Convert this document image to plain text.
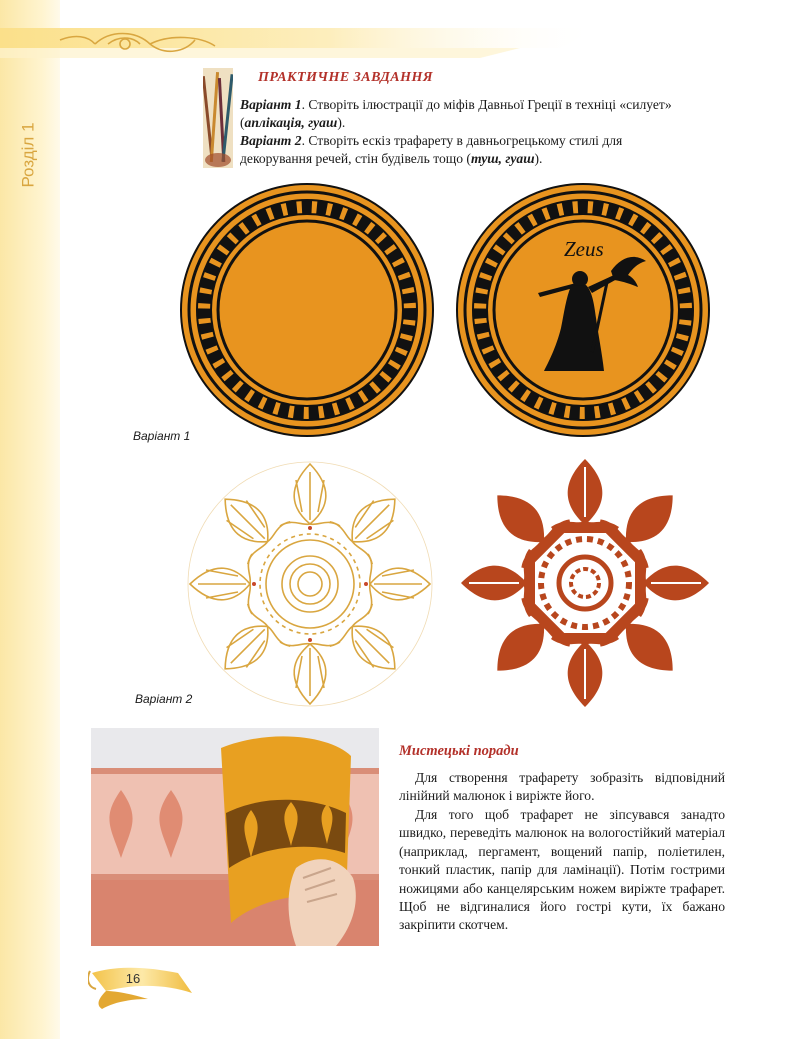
Розділ 1
ПРАКТИЧНЕ ЗАВДАННЯ
Варіант 1. Створіть ілюстрації до міфів Давньої Греції в техніці «силует»
(аплікація, гуаш).
Варіант 2. Створіть ескіз трафарету в давньогрецькому стилі для
декорування речей, стін будівель тощо (туш, гуаш).
Zeus
Варіант 1
Варіант 2
Мистецькі поради

Для створення трафарету зобразіть відповідний лінійний малюнок і виріжте його.

Для того щоб трафарет не зіпсувався занадто швидко, переведіть малюнок на вологостійкий матеріал (наприклад, пергамент, вощений папір, поліетилен, тонкий пластик, папір для ламінації). Потім гострими ножицями або канцелярським ножем виріжте трафарет. Щоб не відгиналися його гострі кути, їх бажано закріпити скотчем.

16
